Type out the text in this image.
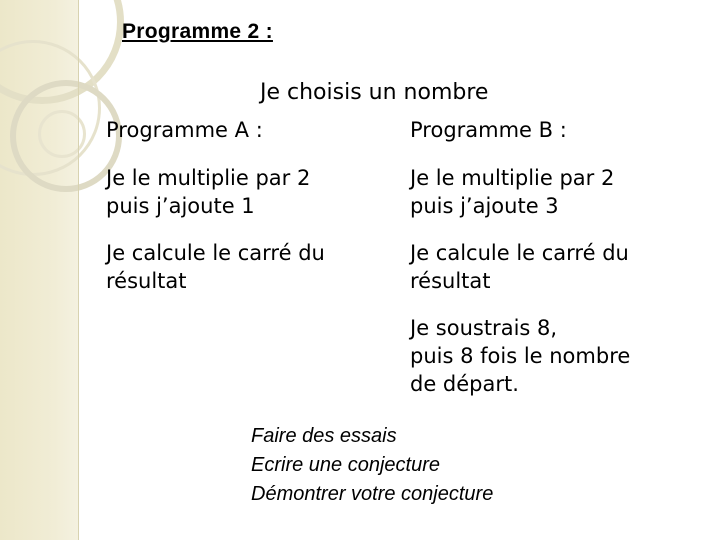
Programme 2 :
Je choisis un nombre
Programme A :
Je le multiplie par 2
puis j’ajoute 1
Je calcule le carré du
résultat
Programme B :
Je le multiplie par 2
puis j’ajoute 3
Je calcule le carré du
résultat
Je soustrais 8,
puis 8 fois le nombre
de départ.
Faire des essais
Ecrire une conjecture
Démontrer votre conjecture
